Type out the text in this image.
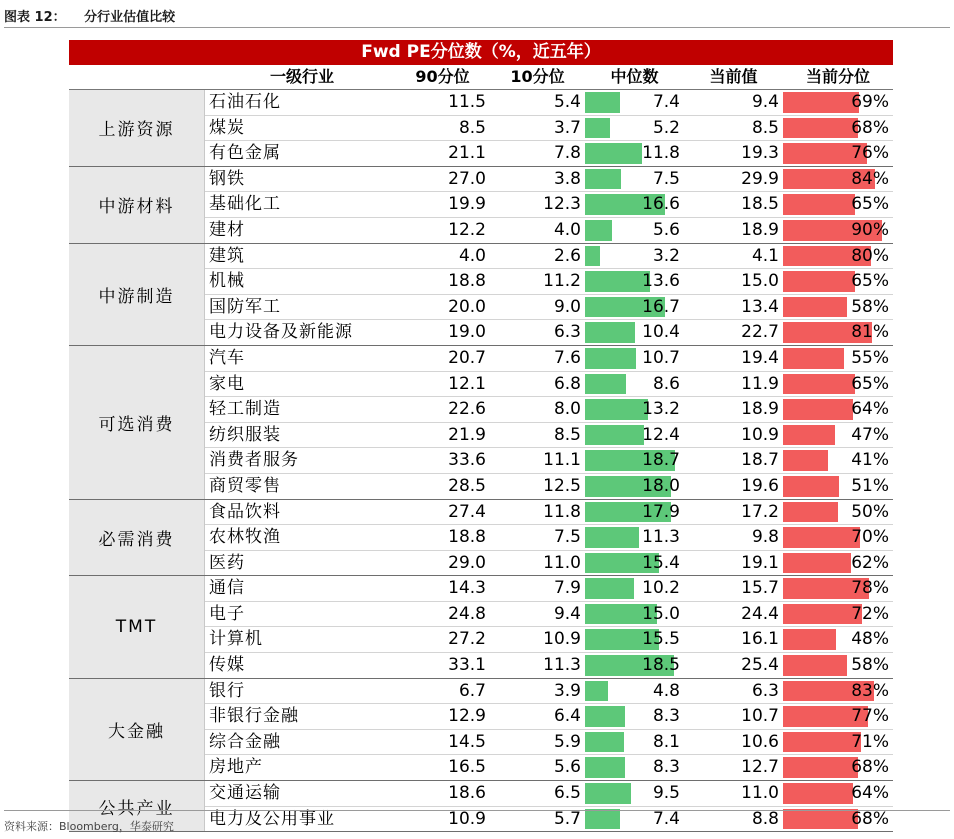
图表 12： 分行业估值比较
Fwd PE分位数（%，近五年）
一级行业	90分位	10分位	中位数	当前值	当前分位
上游资源
石油石化	11.5	5.4	7.4	9.4	69%
煤炭	8.5	3.7	5.2	8.5	68%
有色金属	21.1	7.8	11.8	19.3	76%
中游材料
钢铁	27.0	3.8	7.5	29.9	84%
基础化工	19.9	12.3	16.6	18.5	65%
建材	12.2	4.0	5.6	18.9	90%
中游制造
建筑	4.0	2.6	3.2	4.1	80%
机械	18.8	11.2	13.6	15.0	65%
国防军工	20.0	9.0	16.7	13.4	58%
电力设备及新能源	19.0	6.3	10.4	22.7	81%
可选消费
汽车	20.7	7.6	10.7	19.4	55%
家电	12.1	6.8	8.6	11.9	65%
轻工制造	22.6	8.0	13.2	18.9	64%
纺织服装	21.9	8.5	12.4	10.9	47%
消费者服务	33.6	11.1	18.7	18.7	41%
商贸零售	28.5	12.5	18.0	19.6	51%
必需消费
食品饮料	27.4	11.8	17.9	17.2	50%
农林牧渔	18.8	7.5	11.3	9.8	70%
医药	29.0	11.0	15.4	19.1	62%
TMT
通信	14.3	7.9	10.2	15.7	78%
电子	24.8	9.4	15.0	24.4	72%
计算机	27.2	10.9	15.5	16.1	48%
传媒	33.1	11.3	18.5	25.4	58%
大金融
银行	6.7	3.9	4.8	6.3	83%
非银行金融	12.9	6.4	8.3	10.7	77%
综合金融	14.5	5.9	8.1	10.6	71%
房地产	16.5	5.6	8.3	12.7	68%
公共产业
交通运输	18.6	6.5	9.5	11.0	64%
电力及公用事业	10.9	5.7	7.4	8.8	68%
资料来源：Bloomberg，华泰研究
